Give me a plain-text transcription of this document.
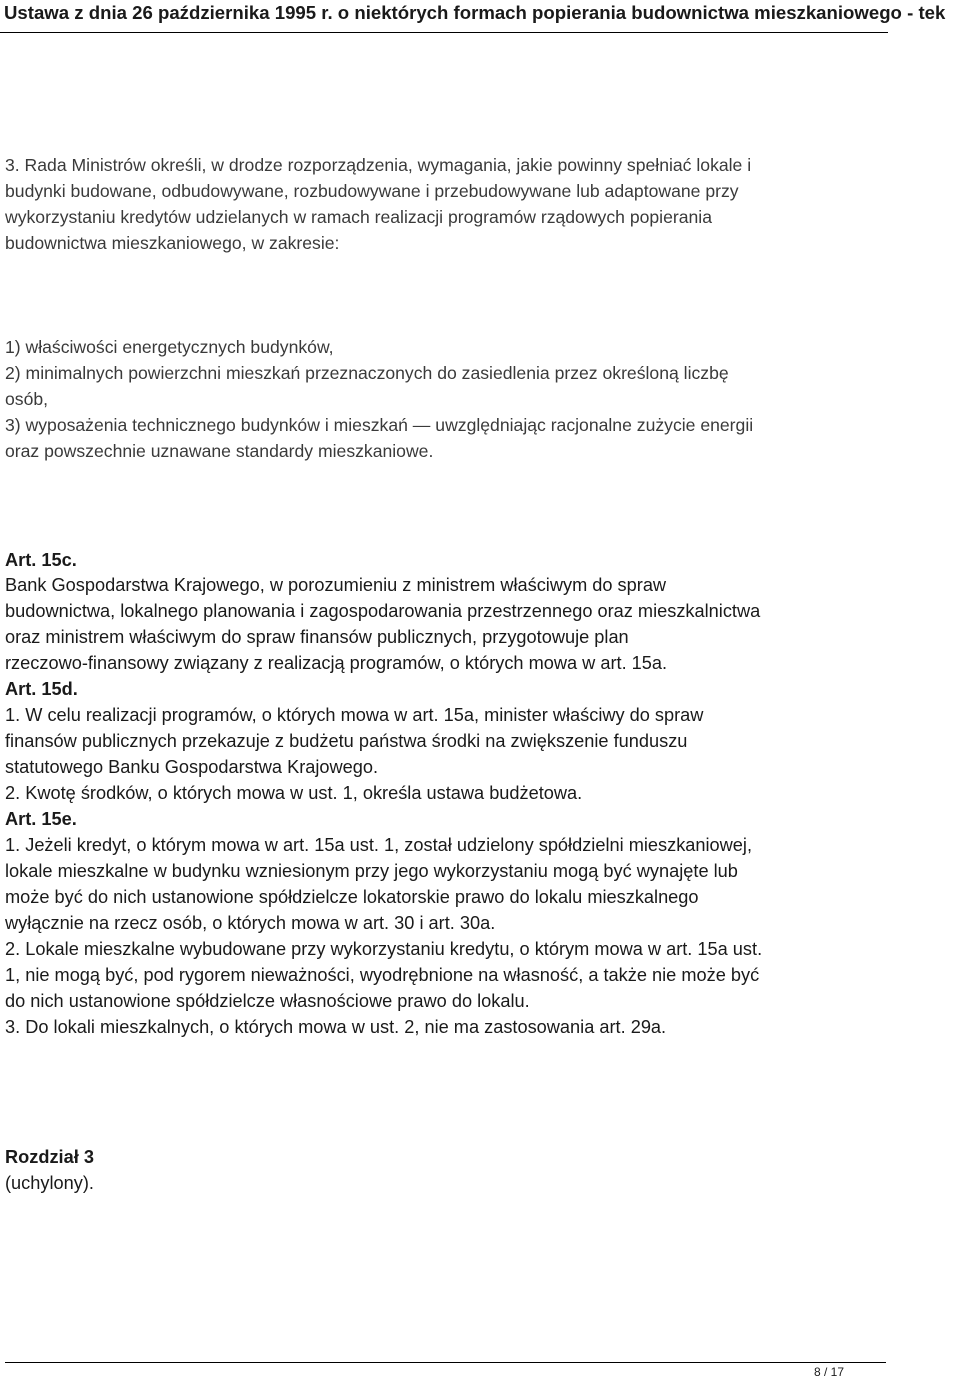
Ustawa z dnia 26 października 1995 r. o niektórych formach popierania budownictwa mieszkaniowego - tek

3. Rada Ministrów określi, w drodze rozporządzenia, wymagania, jakie powinny spełniać lokale i

budynki budowane, odbudowywane, rozbudowywane i przebudowywane lub adaptowane przy

wykorzystaniu kredytów udzielanych w ramach realizacji programów rządowych popierania

budownictwa mieszkaniowego, w zakresie:

1) właściwości energetycznych budynków,

2) minimalnych powierzchni mieszkań przeznaczonych do zasiedlenia przez określoną liczbę

osób,

3) wyposażenia technicznego budynków i mieszkań — uwzględniając racjonalne zużycie energii

oraz powszechnie uznawane standardy mieszkaniowe.

Art. 15c.

Bank Gospodarstwa Krajowego, w porozumieniu z ministrem właściwym do spraw

budownictwa, lokalnego planowania i zagospodarowania przestrzennego oraz mieszkalnictwa

oraz ministrem właściwym do spraw finansów publicznych, przygotowuje plan

rzeczowo-finansowy związany z realizacją programów, o których mowa w art. 15a.

Art. 15d.

1. W celu realizacji programów, o których mowa w art. 15a, minister właściwy do spraw

finansów publicznych przekazuje z budżetu państwa środki na zwiększenie funduszu

statutowego Banku Gospodarstwa Krajowego.

2. Kwotę środków, o których mowa w ust. 1, określa ustawa budżetowa.

Art. 15e.

1. Jeżeli kredyt, o którym mowa w art. 15a ust. 1, został udzielony spółdzielni mieszkaniowej,

lokale mieszkalne w budynku wzniesionym przy jego wykorzystaniu mogą być wynajęte lub

może być do nich ustanowione spółdzielcze lokatorskie prawo do lokalu mieszkalnego

wyłącznie na rzecz osób, o których mowa w art. 30 i art. 30a.

2. Lokale mieszkalne wybudowane przy wykorzystaniu kredytu, o którym mowa w art. 15a ust.

1, nie mogą być, pod rygorem nieważności, wyodrębnione na własność, a także nie może być

do nich ustanowione spółdzielcze własnościowe prawo do lokalu.

3. Do lokali mieszkalnych, o których mowa w ust. 2, nie ma zastosowania art. 29a.

Rozdział 3

(uchylony).

8 / 17
